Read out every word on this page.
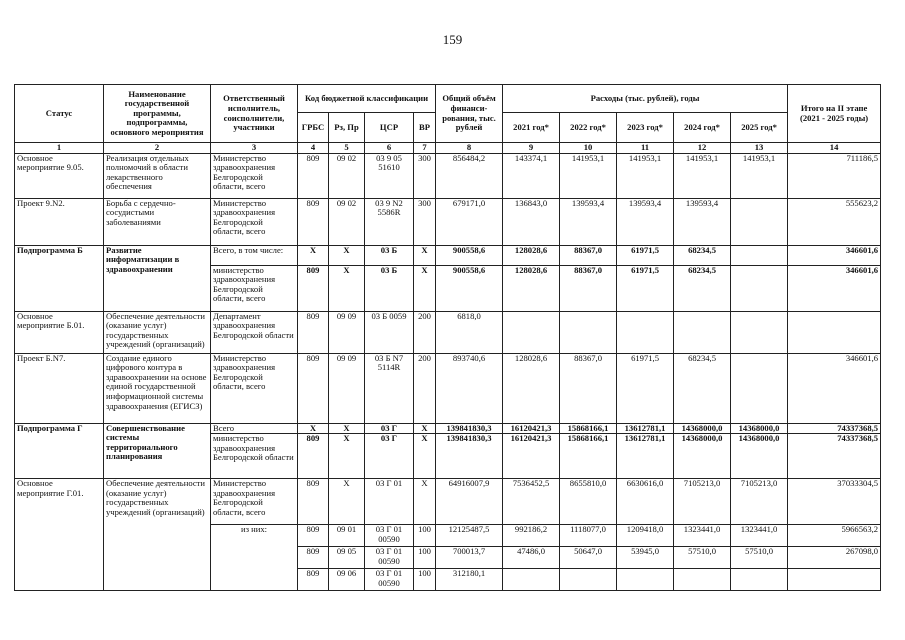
159
Статус	Наименование государственной программы, подпрограммы, основного мероприятия	Ответственный исполнитель, соисполнители, участники	Код бюджетной классификации				Общий объём финанси-рования, тыс. рублей	Расходы (тыс. рублей), годы					Итого на II этапе (2021 - 2025 годы)
			ГРБС	Рз, Пр	ЦСР	ВР		2021 год*	2022 год*	2023 год*	2024 год*	2025 год*	
1	2	3	4	5	6	7	8	9	10	11	12	13	14
Основное мероприятие 9.05.	Реализация отдельных полномочий в области лекарственного обеспечения	Министерство здравоохранения Белгородской области, всего	809	09 02	03 9 05 51610	300	856484,2	143374,1	141953,1	141953,1	141953,1	141953,1	711186,5
Проект 9.N2.	Борьба с сердечно-сосудистыми заболеваниями	Министерство здравоохранения Белгородской области, всего	809	09 02	03 9 N2 5586R	300	679171,0	136843,0	139593,4	139593,4	139593,4		555623,2
Подпрограмма Б	Развитие информатизации в здравоохранении	Всего, в том числе:	X	X	03 Б	X	900558,6	128028,6	88367,0	61971,5	68234,5		346601,6
		министерство здравоохранения Белгородской области, всего	809	X	03 Б	X	900558,6	128028,6	88367,0	61971,5	68234,5		346601,6
Основное мероприятие Б.01.	Обеспечение деятельности (оказание услуг) государственных учреждений (организаций)	Департамент здравоохранения Белгородской области	809	09 09	03 Б 0059	200	6818,0						
Проект Б.N7.	Создание единого цифрового контура в здравоохранении на основе единой государственной информационной системы здравоохранения (ЕГИСЗ)	Министерство здравоохранения Белгородской области, всего	809	09 09	03 Б N7 5114R	200	893740,6	128028,6	88367,0	61971,5	68234,5		346601,6
Подпрограмма Г	Совершенствование системы территориального планирования	Всего	X	X	03 Г	X	139841830,3	16120421,3	15868166,1	13612781,1	14368000,0	14368000,0	74337368,5
		министерство здравоохранения Белгородской области	809	X	03 Г	X	139841830,3	16120421,3	15868166,1	13612781,1	14368000,0	14368000,0	74337368,5
Основное мероприятие Г.01.	Обеспечение деятельности (оказание услуг) государственных учреждений (организаций)	Министерство здравоохранения Белгородской области, всего	809	X	03 Г 01	X	64916007,9	7536452,5	8655810,0	6630616,0	7105213,0	7105213,0	37033304,5
		из них:	809	09 01	03 Г 01 00590	100	12125487,5	992186,2	1118077,0	1209418,0	1323441,0	1323441,0	5966563,2
			809	09 05	03 Г 01 00590	100	700013,7	47486,0	50647,0	53945,0	57510,0	57510,0	267098,0
			809	09 06	03 Г 01 00590	100	312180,1						
